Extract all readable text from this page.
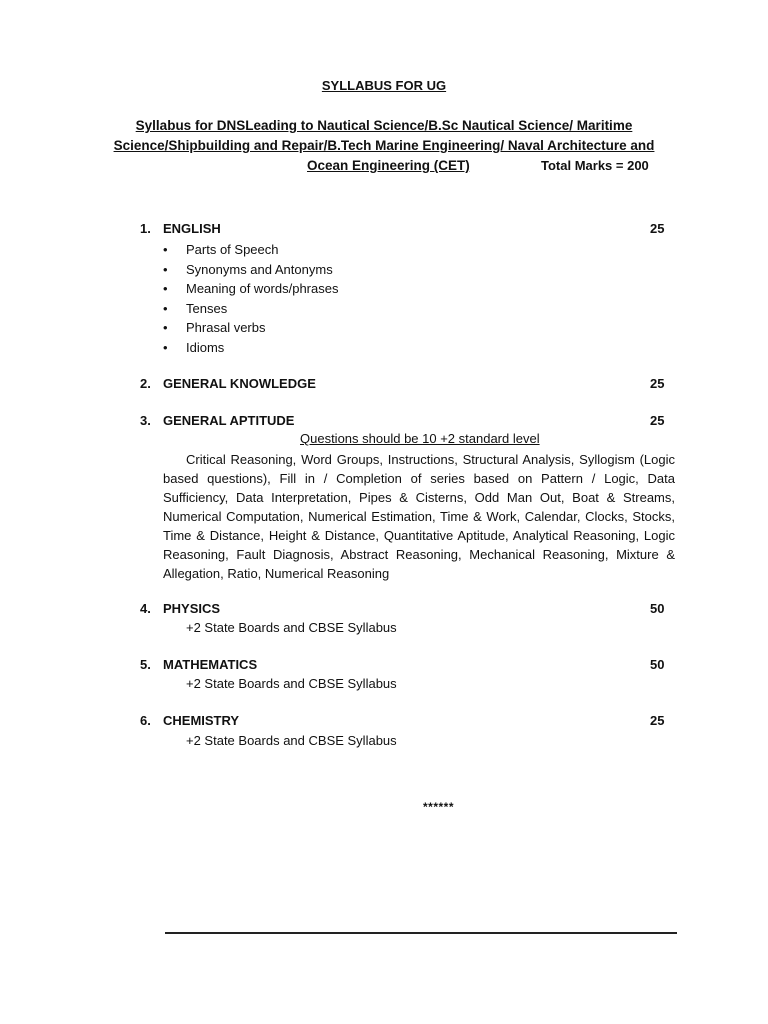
SYLLABUS FOR UG
Syllabus for DNSLeading to Nautical Science/B.Sc Nautical Science/ Maritime
Science/Shipbuilding and Repair/B.Tech Marine Engineering/ Naval Architecture and
Ocean Engineering (CET)	Total Marks = 200
1. ENGLISH	25
• Parts of Speech
• Synonyms and Antonyms
• Meaning of words/phrases
• Tenses
• Phrasal verbs
• Idioms
2. GENERAL KNOWLEDGE	25
3. GENERAL APTITUDE	25
Questions should be 10 +2 standard level
Critical Reasoning, Word Groups, Instructions, Structural Analysis, Syllogism (Logic based questions), Fill in / Completion of series based on Pattern / Logic, Data Sufficiency, Data Interpretation, Pipes & Cisterns, Odd Man Out, Boat & Streams, Numerical Computation, Numerical Estimation, Time & Work, Calendar, Clocks, Stocks, Time & Distance, Height & Distance, Quantitative Aptitude, Analytical Reasoning, Logic Reasoning, Fault Diagnosis, Abstract Reasoning, Mechanical Reasoning, Mixture & Allegation, Ratio, Numerical Reasoning
4. PHYSICS	50
+2 State Boards and CBSE Syllabus
5. MATHEMATICS	50
+2 State Boards and CBSE Syllabus
6. CHEMISTRY	25
+2 State Boards and CBSE Syllabus
******
